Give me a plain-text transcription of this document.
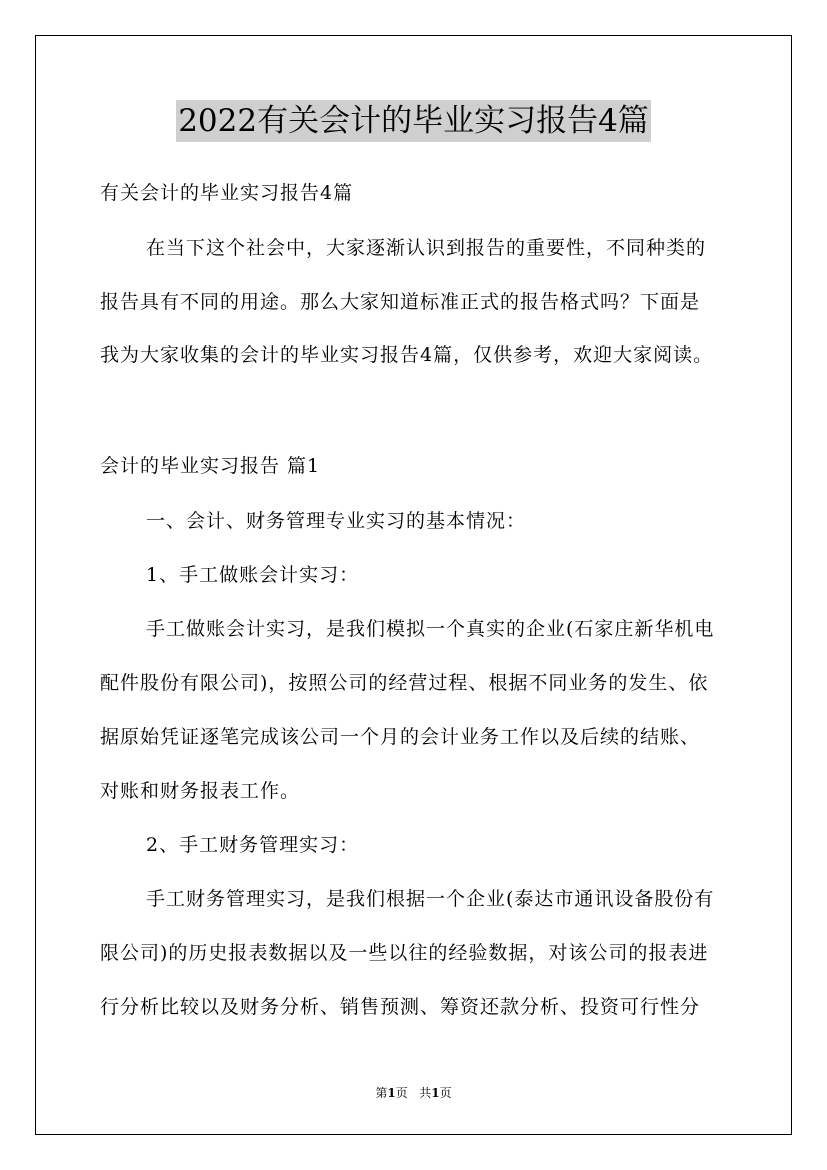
2022有关会计的毕业实习报告4篇
有关会计的毕业实习报告4篇
在当下这个社会中，大家逐渐认识到报告的重要性，不同种类的
报告具有不同的用途。那么大家知道标准正式的报告格式吗？下面是
我为大家收集的会计的毕业实习报告4篇，仅供参考，欢迎大家阅读。
会计的毕业实习报告 篇1
一、会计、财务管理专业实习的基本情况：
1、手工做账会计实习：
手工做账会计实习，是我们模拟一个真实的企业(石家庄新华机电
配件股份有限公司)，按照公司的经营过程、根据不同业务的发生、依
据原始凭证逐笔完成该公司一个月的会计业务工作以及后续的结账、
对账和财务报表工作。
2、手工财务管理实习：
手工财务管理实习，是我们根据一个企业(泰达市通讯设备股份有
限公司)的历史报表数据以及一些以往的经验数据，对该公司的报表进
行分析比较以及财务分析、销售预测、筹资还款分析、投资可行性分
第1页 共1页
